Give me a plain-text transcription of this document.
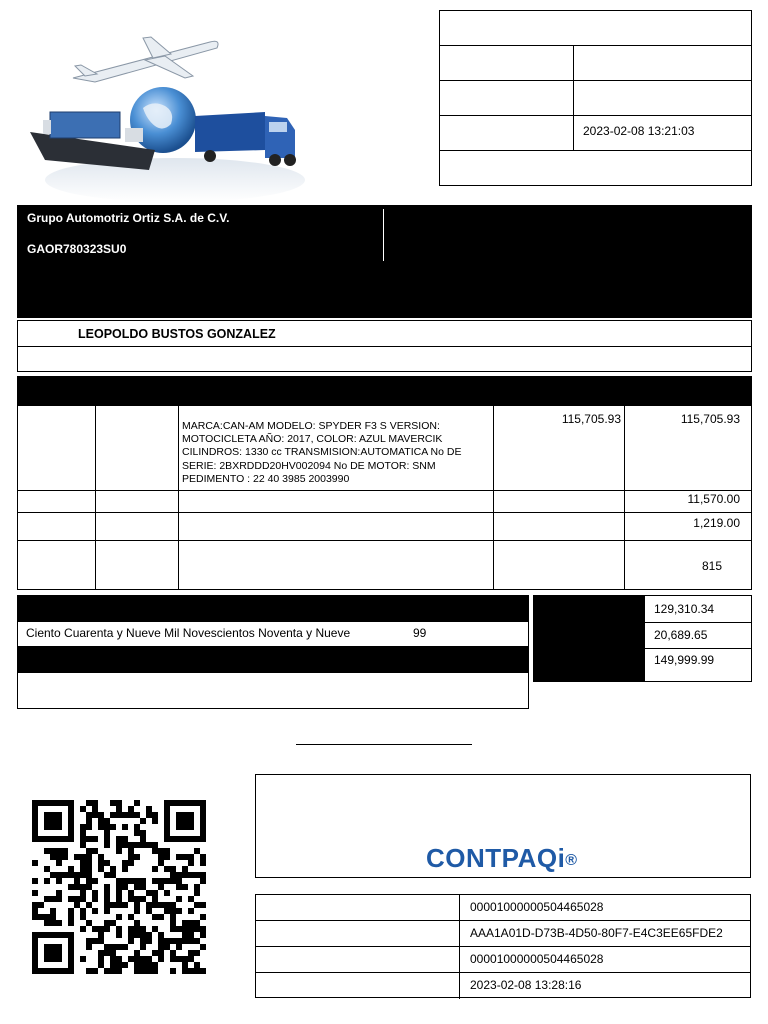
2023-02-08 13:21:03
Grupo Automotriz Ortiz S.A. de C.V.
GAOR780323SU0
LEOPOLDO BUSTOS GONZALEZ
MARCA:CAN-AM MODELO: SPYDER F3 S VERSION: MOTOCICLETA AÑO: 2017, COLOR: AZUL MAVERCIK CILINDROS: 1330 cc TRANSMISION:AUTOMATICA No DE SERIE: 2BXRDDD20HV002094 No DE MOTOR: SNM PEDIMENTO : 22 40 3985 2003990
115,705.93	115,705.93
11,570.00
1,219.00
815
Ciento Cuarenta y Nueve Mil Novescientos Noventa y Nueve	99
129,310.34
20,689.65
149,999.99
CONTPAQi®
00001000000504465028
AAA1A01D-D73B-4D50-80F7-E4C3EE65FDE2
00001000000504465028
2023-02-08 13:28:16
